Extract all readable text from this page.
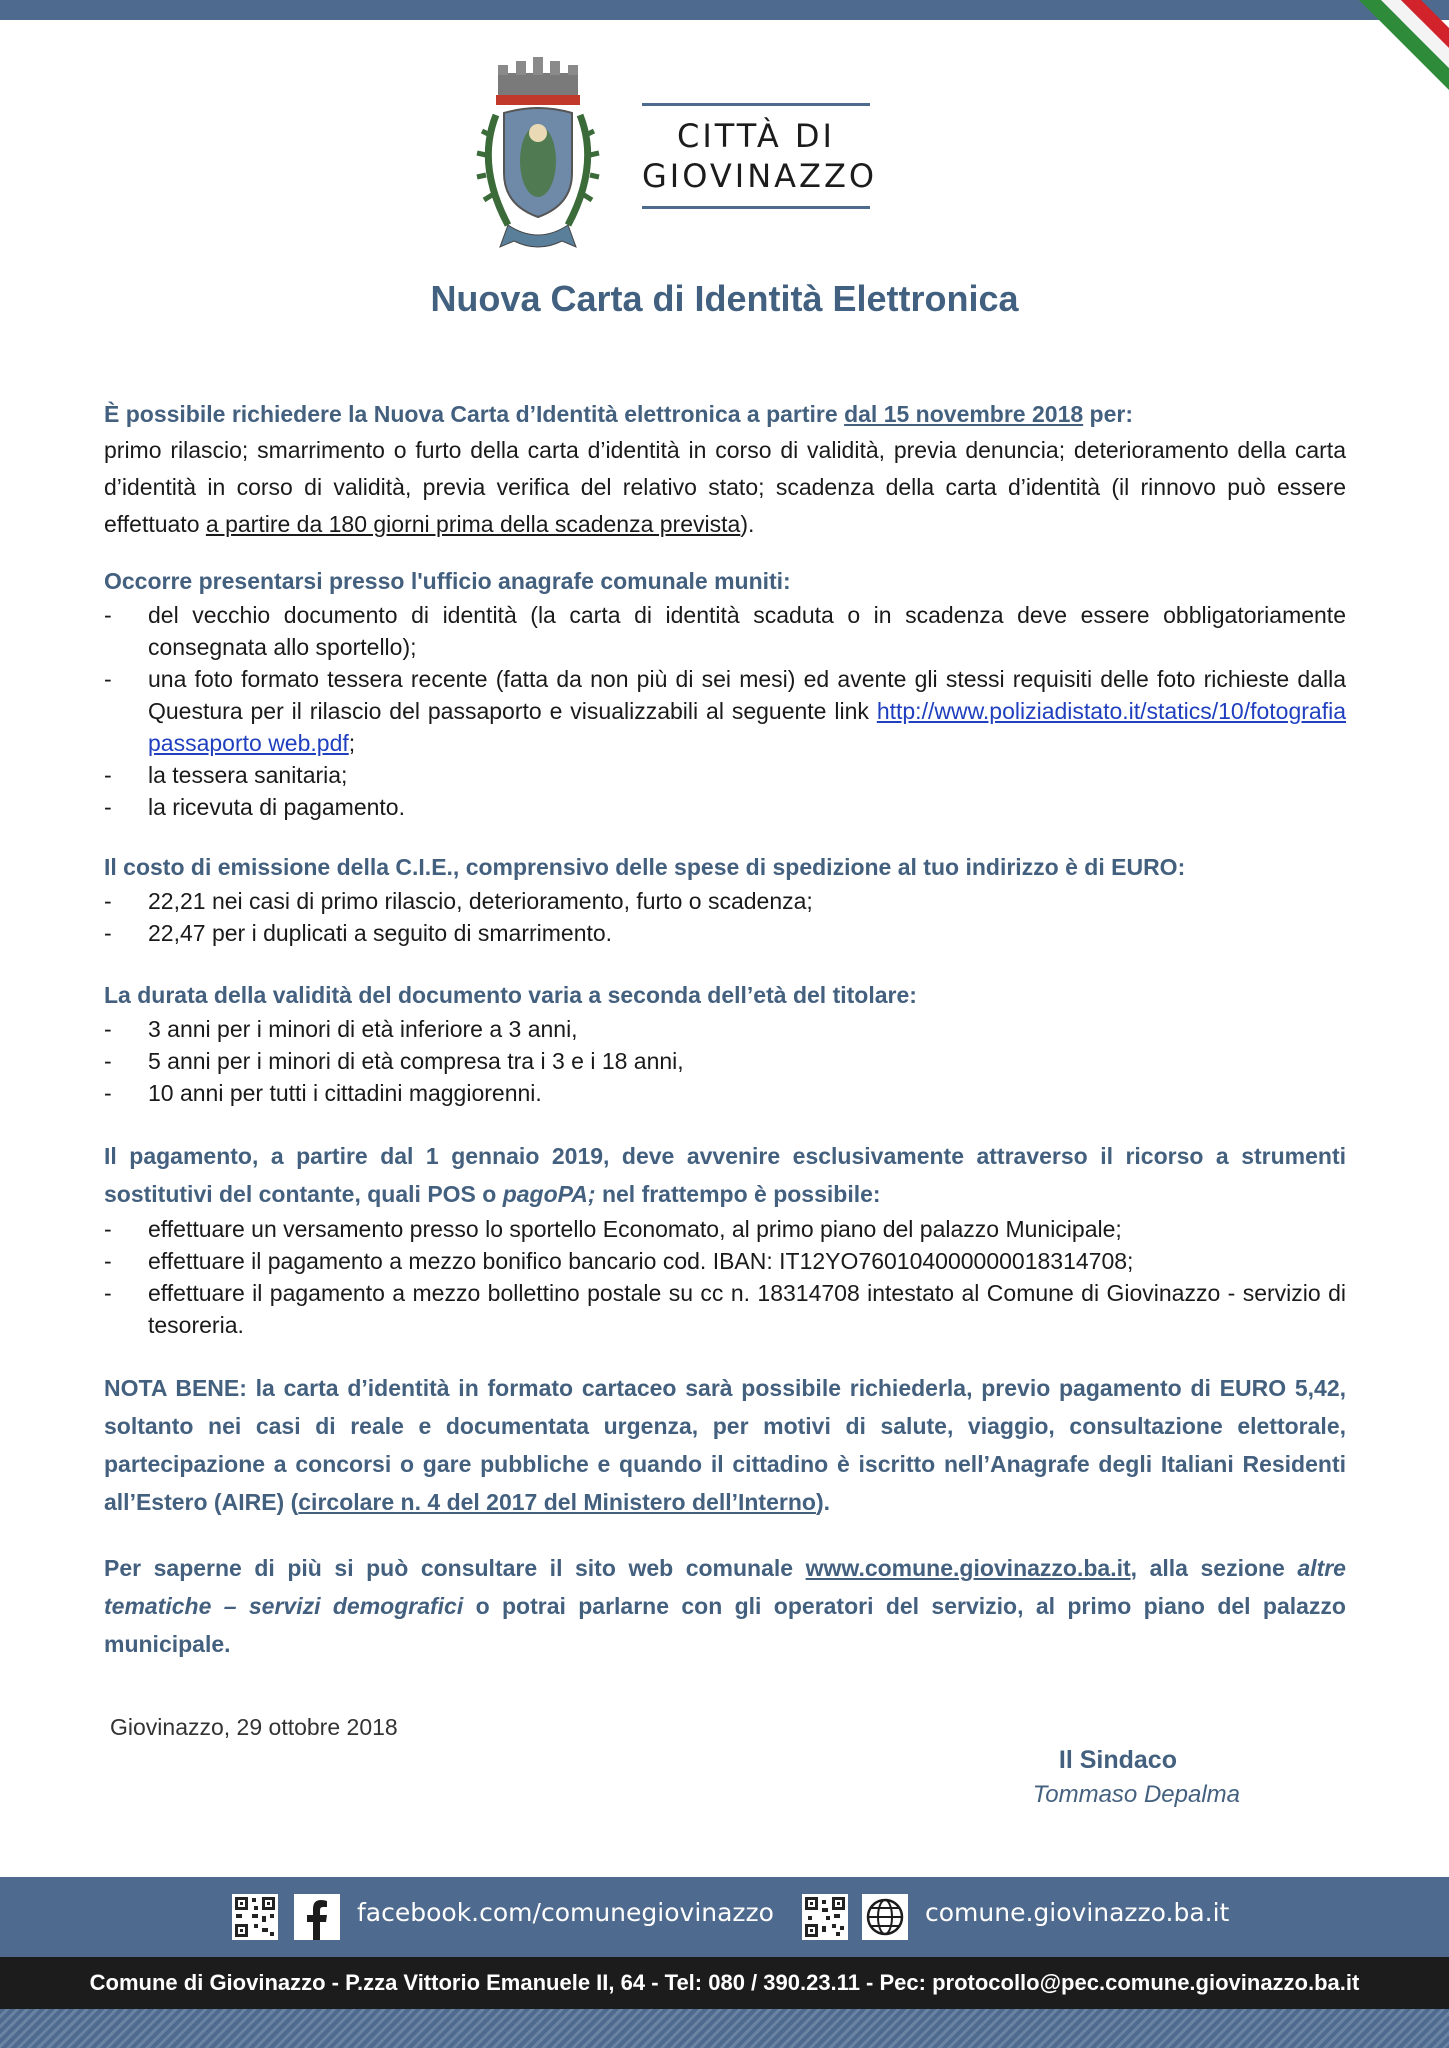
CITTÀ DI
GIOVINAZZO
Nuova Carta di Identità Elettronica
È possibile richiedere la Nuova Carta d’Identità elettronica a partire dal 15 novembre 2018 per:
primo rilascio; smarrimento o furto della carta d’identità in corso di validità, previa denuncia; deterioramento della carta d’identità in corso di validità, previa verifica del relativo stato; scadenza della carta d’identità (il rinnovo può essere effettuato a partire da 180 giorni prima della scadenza prevista).
Occorre presentarsi presso l'ufficio anagrafe comunale muniti:
- del vecchio documento di identità (la carta di identità scaduta o in scadenza deve essere obbligatoriamente consegnata allo sportello);
- una foto formato tessera recente (fatta da non più di sei mesi) ed avente gli stessi requisiti delle foto richieste dalla Questura per il rilascio del passaporto e visualizzabili al seguente link http://www.poliziadistato.it/statics/10/fotografia passaporto web.pdf;
- la tessera sanitaria;
- la ricevuta di pagamento.
Il costo di emissione della C.I.E., comprensivo delle spese di spedizione al tuo indirizzo è di EURO:
- 22,21 nei casi di primo rilascio, deterioramento, furto o scadenza;
- 22,47 per i duplicati a seguito di smarrimento.
La durata della validità del documento varia a seconda dell’età del titolare:
- 3 anni per i minori di età inferiore a 3 anni,
- 5 anni per i minori di età compresa tra i 3 e i 18 anni,
- 10 anni per tutti i cittadini maggiorenni.
Il pagamento, a partire dal 1 gennaio 2019, deve avvenire esclusivamente attraverso il ricorso a strumenti sostitutivi del contante, quali POS o pagoPA; nel frattempo è possibile:
- effettuare un versamento presso lo sportello Economato, al primo piano del palazzo Municipale;
- effettuare il pagamento a mezzo bonifico bancario cod. IBAN: IT12YO760104000000018314708;
- effettuare il pagamento a mezzo bollettino postale su cc n. 18314708 intestato al Comune di Giovinazzo - servizio di tesoreria.
NOTA BENE: la carta d’identità in formato cartaceo sarà possibile richiederla, previo pagamento di EURO 5,42, soltanto nei casi di reale e documentata urgenza, per motivi di salute, viaggio, consultazione elettorale, partecipazione a concorsi o gare pubbliche e quando il cittadino è iscritto nell’Anagrafe degli Italiani Residenti all’Estero (AIRE) (circolare n. 4 del 2017 del Ministero dell’Interno).
Per saperne di più si può consultare il sito web comunale www.comune.giovinazzo.ba.it, alla sezione altre tematiche – servizi demografici o potrai parlarne con gli operatori del servizio, al primo piano del palazzo municipale.
Giovinazzo, 29 ottobre 2018
Il Sindaco
Tommaso Depalma
facebook.com/comunegiovinazzo	comune.giovinazzo.ba.it
Comune di Giovinazzo - P.zza Vittorio Emanuele II, 64 - Tel: 080 / 390.23.11 - Pec: protocollo@pec.comune.giovinazzo.ba.it
